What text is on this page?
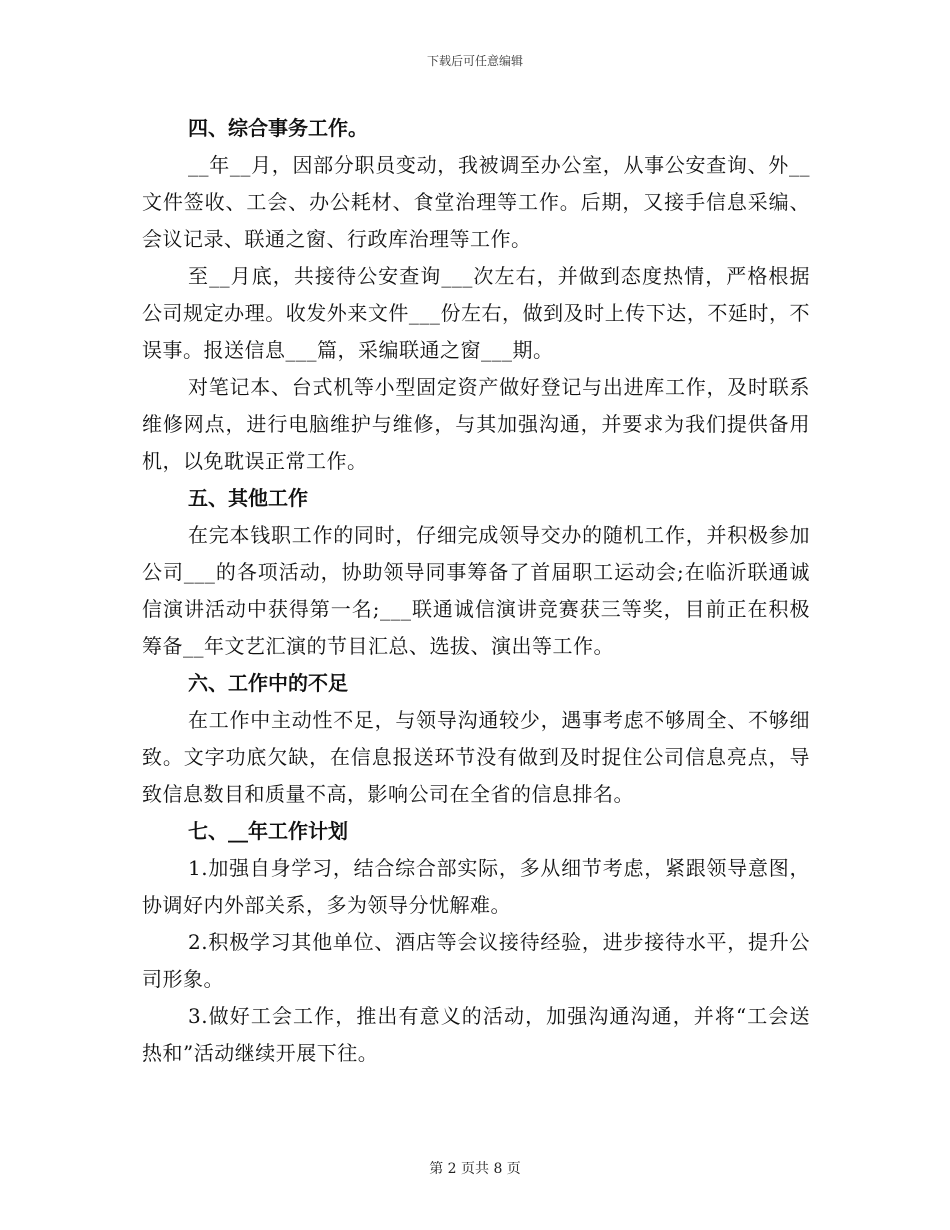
下载后可任意编辑

四、综合事务工作。

__年__月，因部分职员变动，我被调至办公室，从事公安查询、外__文件签收、工会、办公耗材、食堂治理等工作。后期，又接手信息采编、会议记录、联通之窗、行政库治理等工作。

至__月底，共接待公安查询___次左右，并做到态度热情，严格根据公司规定办理。收发外来文件___份左右，做到及时上传下达，不延时，不误事。报送信息___篇，采编联通之窗___期。

对笔记本、台式机等小型固定资产做好登记与出进库工作，及时联系维修网点，进行电脑维护与维修，与其加强沟通，并要求为我们提供备用机，以免耽误正常工作。

五、其他工作

在完本钱职工作的同时，仔细完成领导交办的随机工作，并积极参加公司___的各项活动，协助领导同事筹备了首届职工运动会;在临沂联通诚信演讲活动中获得第一名;___联通诚信演讲竞赛获三等奖，目前正在积极筹备__年文艺汇演的节目汇总、选拔、演出等工作。

六、工作中的不足

在工作中主动性不足，与领导沟通较少，遇事考虑不够周全、不够细致。文字功底欠缺，在信息报送环节没有做到及时捉住公司信息亮点，导致信息数目和质量不高，影响公司在全省的信息排名。

七、__年工作计划

1.加强自身学习，结合综合部实际，多从细节考虑，紧跟领导意图，协调好内外部关系，多为领导分忧解难。

2.积极学习其他单位、酒店等会议接待经验，进步接待水平，提升公司形象。

3.做好工会工作，推出有意义的活动，加强沟通沟通，并将“工会送热和”活动继续开展下往。

第 2 页共 8 页
